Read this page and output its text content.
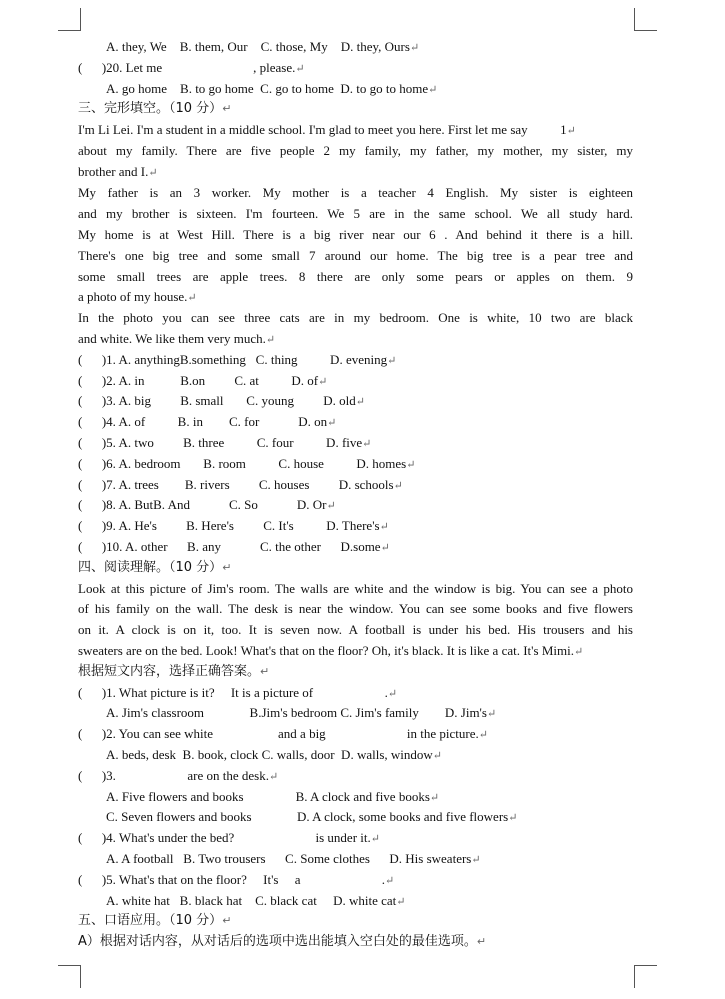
A. they, We    B. them, Our    C. those, My    D. they, Ours↵
(      )20. Let me                            , please.↵
A. go home    B. to go home  C. go to home  D. to go to home↵
三、完形填空。（10 分）↵
I'm Li Lei. I'm a student in a middle school. I'm glad to meet you here. First let me say          1↵
about my family. There are five people 2 my family, my father, my mother, my sister, my
brother and I.↵
My father is an 3 worker. My mother is a teacher 4 English. My sister is eighteen
and my brother is sixteen. I'm fourteen. We 5 are in the same school. We all study hard.
My home is at West Hill. There is a big river near our 6 . And behind it there is a hill.
There's one big tree and some small 7 around our home. The big tree is a pear tree and
some small trees are apple trees. 8 there are only some pears or apples on them. 9
a photo of my house.↵
In the photo you can see three cats are in my bedroom. One is white, 10 two are black
and white. We like them very much.↵
(      )1. A. anythingB.something   C. thing          D. evening↵
(      )2. A. in           B.on         C. at          D. of↵
(      )3. A. big         B. small       C. young         D. old↵
(      )4. A. of          B. in        C. for            D. on↵
(      )5. A. two         B. three          C. four          D. five↵
(      )6. A. bedroom       B. room          C. house          D. homes↵
(      )7. A. trees        B. rivers         C. houses         D. schools↵
(      )8. A. ButB. And            C. So            D. Or↵
(      )9. A. He's         B. Here's         C. It's          D. There's↵
(      )10. A. other      B. any            C. the other      D.some↵
四、阅读理解。（10 分）↵
Look at this picture of Jim's room. The walls are white and the window is big. You can see a photo
of his family on the wall. The desk is near the window. You can see some books and five flowers
on it. A clock is on it, too. It is seven now. A football is under his bed. His trousers and his
sweaters are on the bed. Look! What's that on the floor? Oh, it's black. It is like a cat. It's Mimi.↵
根据短文内容，选择正确答案。↵
(      )1. What picture is it?     It is a picture of                      .↵
A. Jim's classroom              B.Jim's bedroom C. Jim's family        D. Jim's↵
(      )2. You can see white                    and a big                         in the picture.↵
A. beds, desk  B. book, clock C. walls, door  D. walls, window↵
(      )3.                      are on the desk.↵
A. Five flowers and books                B. A clock and five books↵
C. Seven flowers and books              D. A clock, some books and five flowers↵
(      )4. What's under the bed?                         is under it.↵
A. A football   B. Two trousers      C. Some clothes      D. His sweaters↵
(      )5. What's that on the floor?     It's     a                         .↵
A. white hat   B. black hat    C. black cat     D. white cat↵
五、口语应用。（10 分）↵
A）根据对话内容，从对话后的选项中选出能填入空白处的最佳选项。↵
